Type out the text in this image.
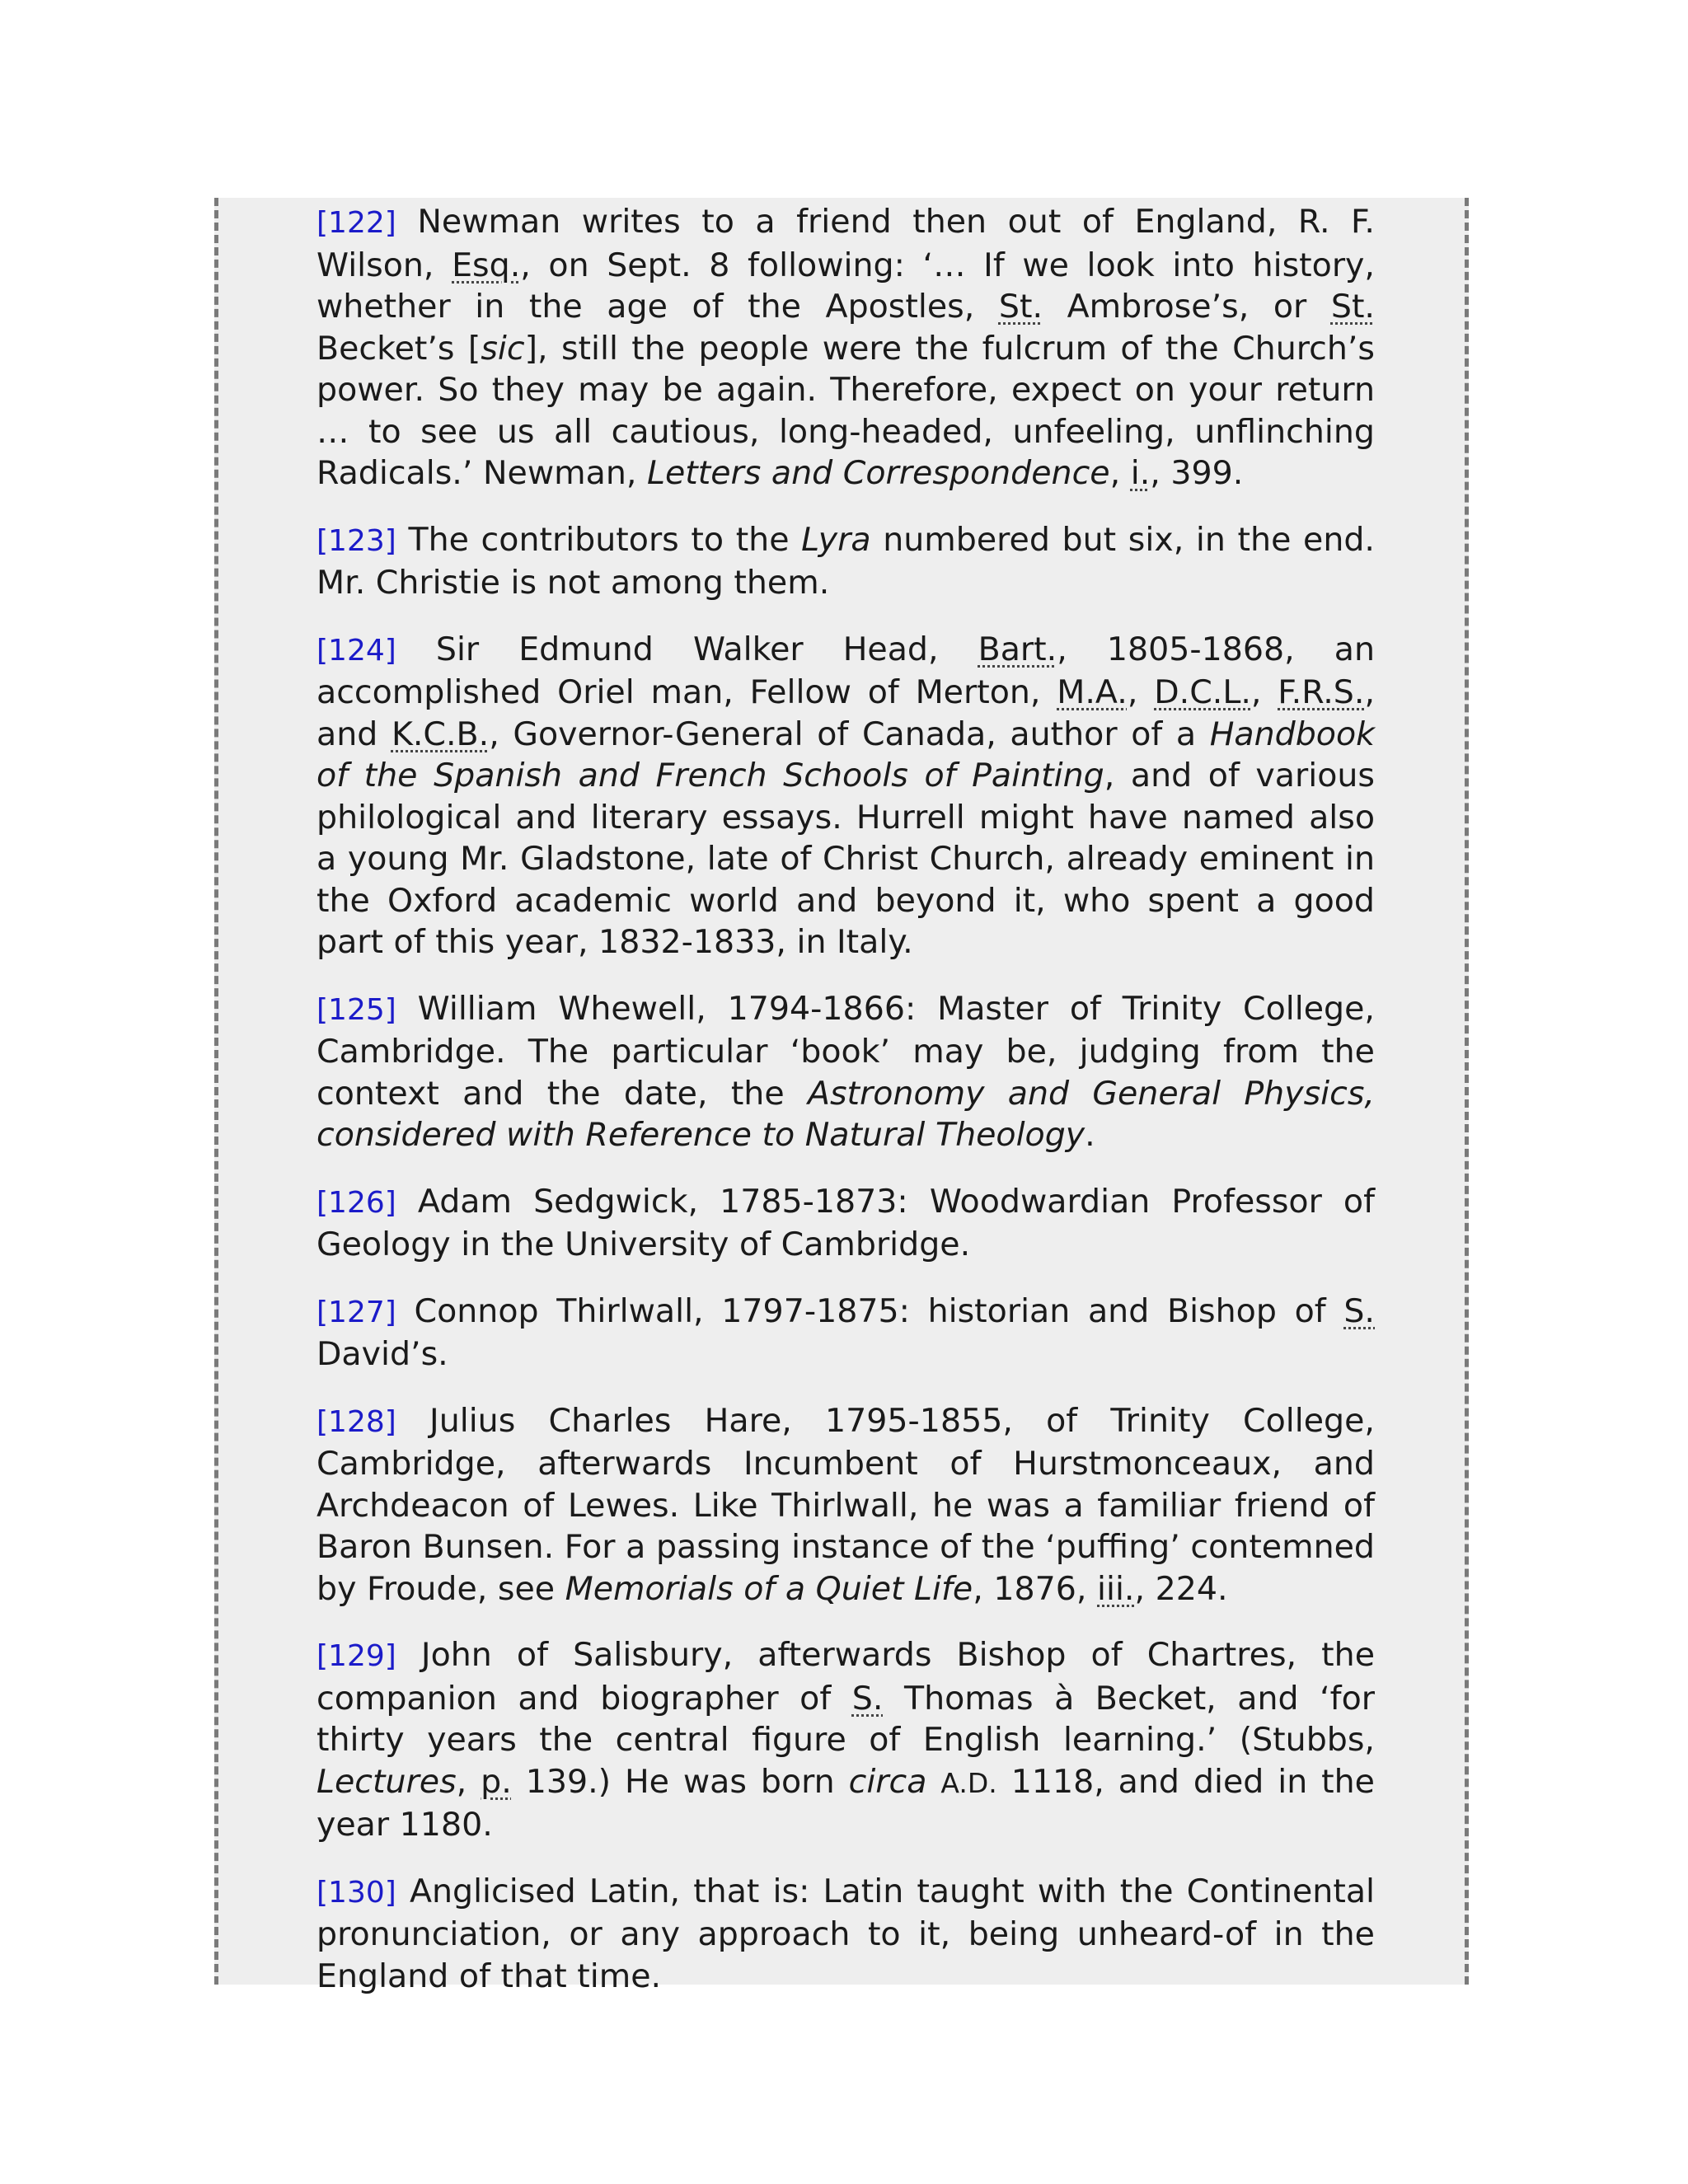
[122] Newman writes to a friend then out of England, R. F. Wilson, Esq., on Sept. 8 following: ‘… If we look into history, whether in the age of the Apostles, St. Ambrose’s, or St. Becket’s [sic], still the people were the fulcrum of the Church’s power. So they may be again. Therefore, expect on your return … to see us all cautious, long-headed, unfeeling, unflinching Radicals.’ Newman, Letters and Correspondence, i., 399.

[123] The contributors to the Lyra numbered but six, in the end. Mr. Christie is not among them.

[124] Sir Edmund Walker Head, Bart., 1805-1868, an accomplished Oriel man, Fellow of Merton, M.A., D.C.L., F.R.S., and K.C.B., Governor-General of Canada, author of a Handbook of the Spanish and French Schools of Painting, and of various philological and literary essays. Hurrell might have named also a young Mr. Gladstone, late of Christ Church, already eminent in the Oxford academic world and beyond it, who spent a good part of this year, 1832-1833, in Italy.

[125] William Whewell, 1794-1866: Master of Trinity College, Cambridge. The particular ‘book’ may be, judging from the context and the date, the Astronomy and General Physics, considered with Reference to Natural Theology.

[126] Adam Sedgwick, 1785-1873: Woodwardian Professor of Geology in the University of Cambridge.

[127] Connop Thirlwall, 1797-1875: historian and Bishop of S. David’s.

[128] Julius Charles Hare, 1795-1855, of Trinity College, Cambridge, afterwards Incumbent of Hurstmonceaux, and Archdeacon of Lewes. Like Thirlwall, he was a familiar friend of Baron Bunsen. For a passing instance of the ‘puffing’ contemned by Froude, see Memorials of a Quiet Life, 1876, iii., 224.

[129] John of Salisbury, afterwards Bishop of Chartres, the companion and biographer of S. Thomas à Becket, and ‘for thirty years the central figure of English learning.’ (Stubbs, Lectures, p. 139.) He was born circa A.D. 1118, and died in the year 1180.

[130] Anglicised Latin, that is: Latin taught with the Continental pronunciation, or any approach to it, being unheard-of in the England of that time.
